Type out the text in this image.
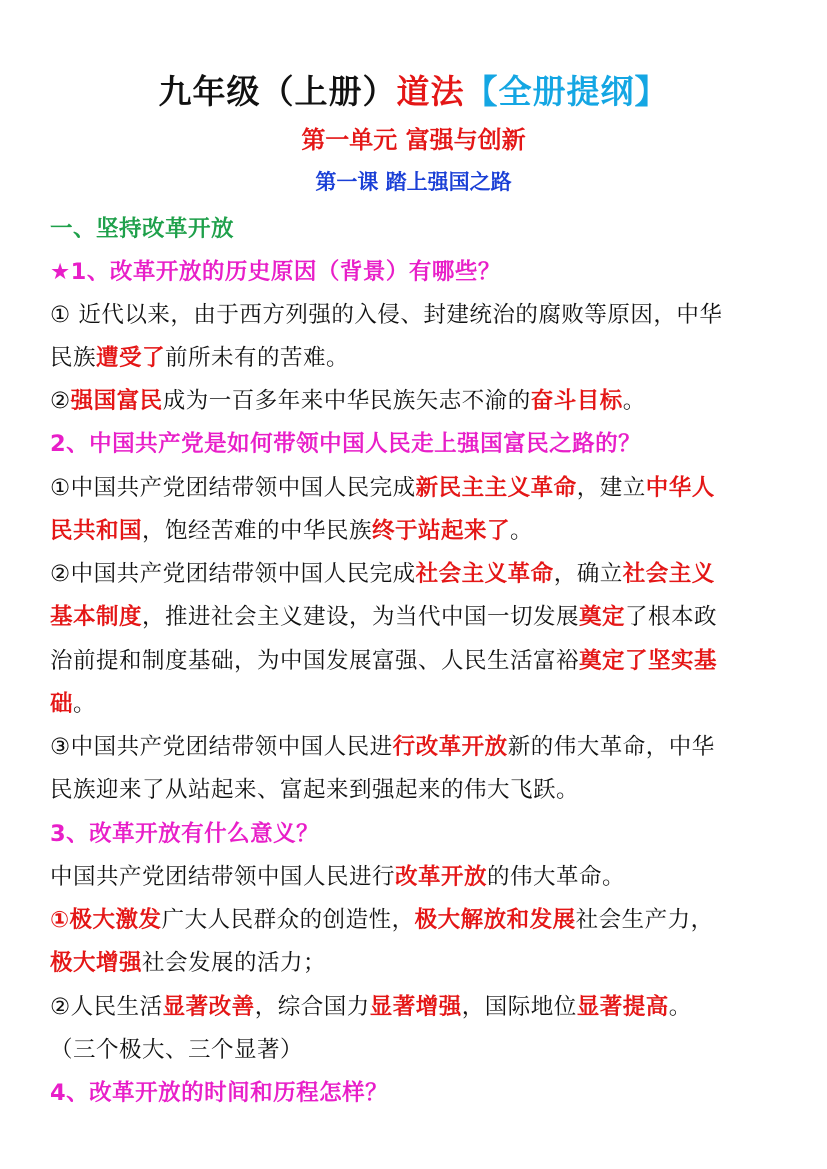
九年级（上册）道法【全册提纲】
第一单元 富强与创新
第一课 踏上强国之路
一、坚持改革开放
★1、改革开放的历史原因（背景）有哪些？
① 近代以来，由于西方列强的入侵、封建统治的腐败等原因，中华
民族遭受了前所未有的苦难。
②强国富民成为一百多年来中华民族矢志不渝的奋斗目标。
2、中国共产党是如何带领中国人民走上强国富民之路的？
①中国共产党团结带领中国人民完成新民主主义革命，建立中华人
民共和国，饱经苦难的中华民族终于站起来了。
②中国共产党团结带领中国人民完成社会主义革命，确立社会主义
基本制度，推进社会主义建设，为当代中国一切发展奠定了根本政
治前提和制度基础，为中国发展富强、人民生活富裕奠定了坚实基
础。
③中国共产党团结带领中国人民进行改革开放新的伟大革命，中华
民族迎来了从站起来、富起来到强起来的伟大飞跃。
3、改革开放有什么意义？
中国共产党团结带领中国人民进行改革开放的伟大革命。
①极大激发广大人民群众的创造性，极大解放和发展社会生产力，
极大增强社会发展的活力；
②人民生活显著改善，综合国力显著增强，国际地位显著提高。
（三个极大、三个显著）
4、改革开放的时间和历程怎样？
